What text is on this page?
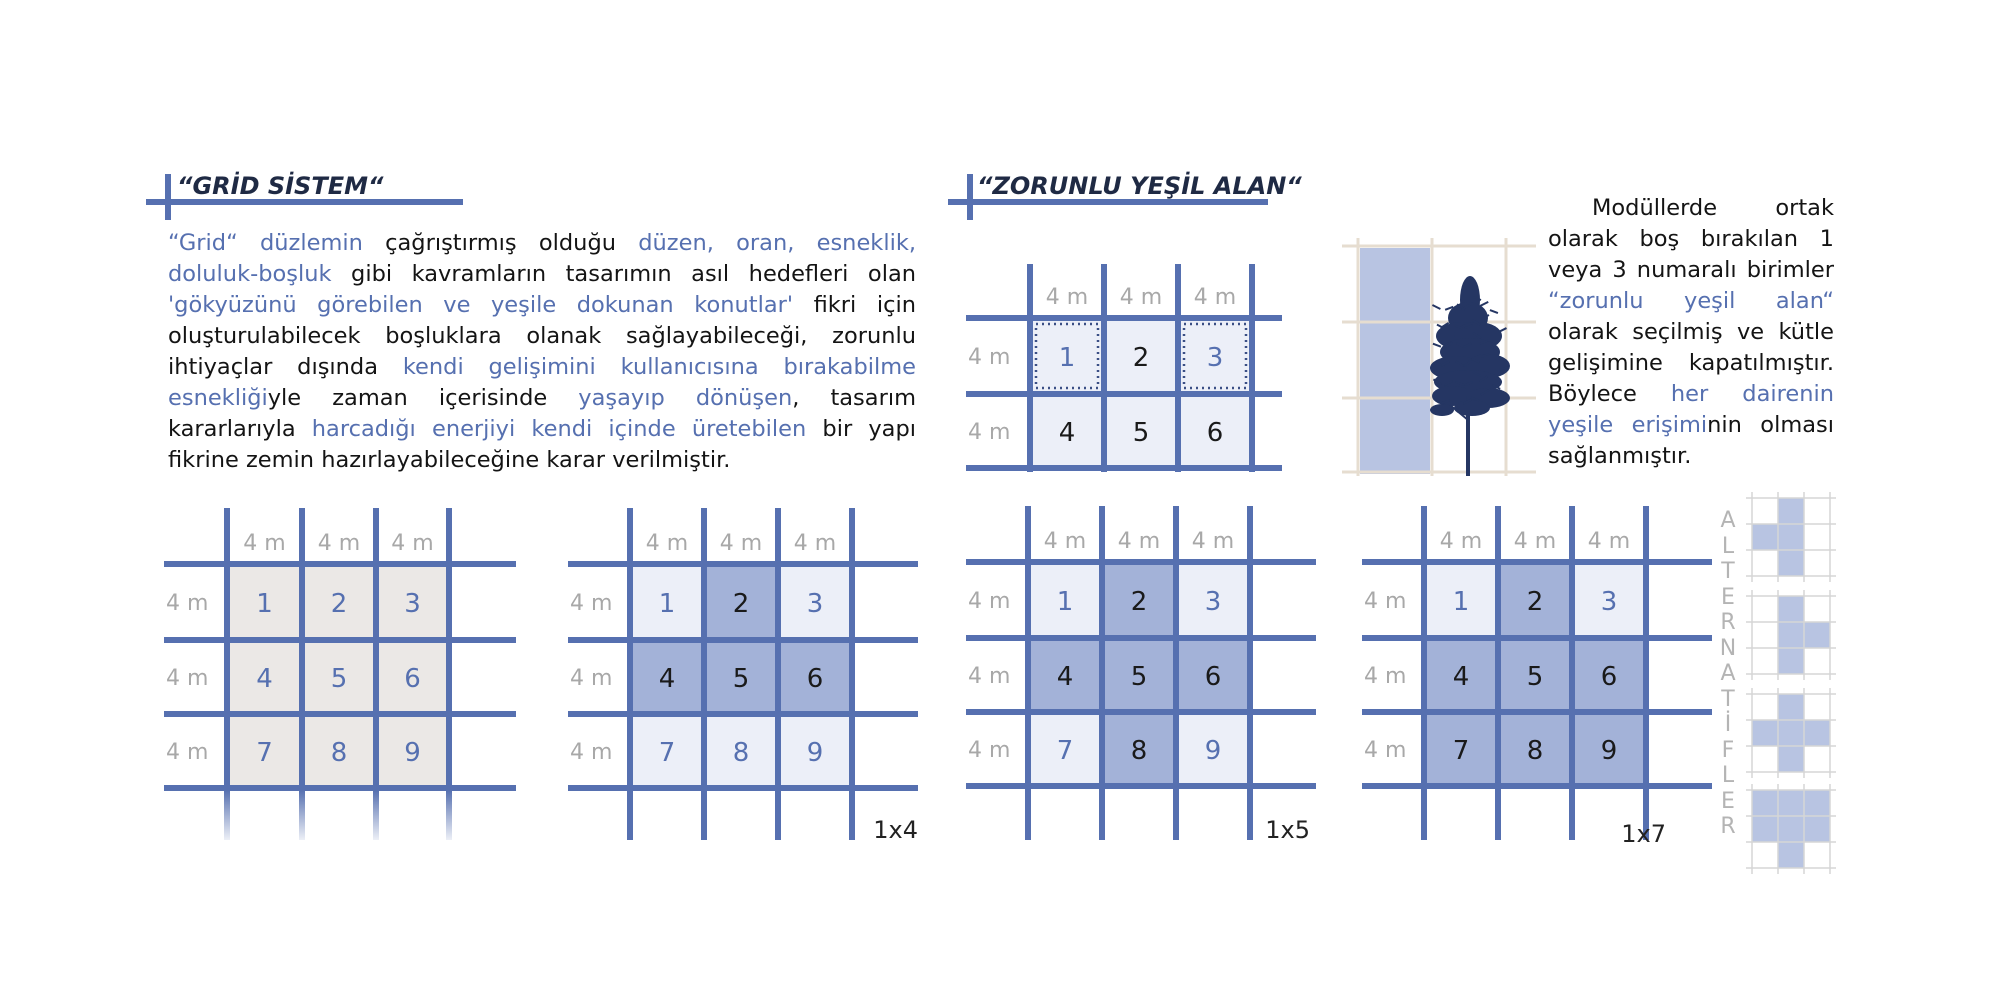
“GRİD SİSTEM“	“ZORUNLU YEŞİL ALAN“
“Grid“ düzlemin çağrıştırmış olduğu düzen, oran, esneklik, doluluk-boşluk gibi kavramların tasarımın asıl hedefleri olan 'gökyüzünü görebilen ve yeşile dokunan konutlar' fikri için oluşturulabilecek boşluklara olanak sağlayabileceği, zorunlu ihtiyaçlar dışında kendi gelişimini kullanıcısına bırakabilme esnekliğiyle zaman içerisinde yaşayıp dönüşen, tasarım kararlarıyla harcadığı enerjiyi kendi içinde üretebilen bir yapı fikrine zemin hazırlayabileceğine karar verilmiştir.
Modüllerde ortak olarak boş bırakılan 1 veya 3 numaralı birimler “zorunlu yeşil alan“ olarak seçilmiş ve kütle gelişimine kapatılmıştır. Böylece her dairenin yeşile erişiminin olması sağlanmıştır.
1 2 3
4 5 6
7 8 9
4 m 4 m 4 m
4 m
4 m
4 m
1 2 3
4 5 6
7 8 9
4 m 4 m 4 m
4 m
4 m
4 m
1x4
1 2 3
4 5 6
7 8 9
4 m 4 m 4 m
4 m
4 m
4 m
1x5
1 2 3
4 5 6
7 8 9
4 m 4 m 4 m
4 m
4 m
4 m
1x7
1 2 3
4 5 6
4 m 4 m 4 m
4 m
4 m
A
L
T
E
R
N
A
T
İ
F
L
E
R
